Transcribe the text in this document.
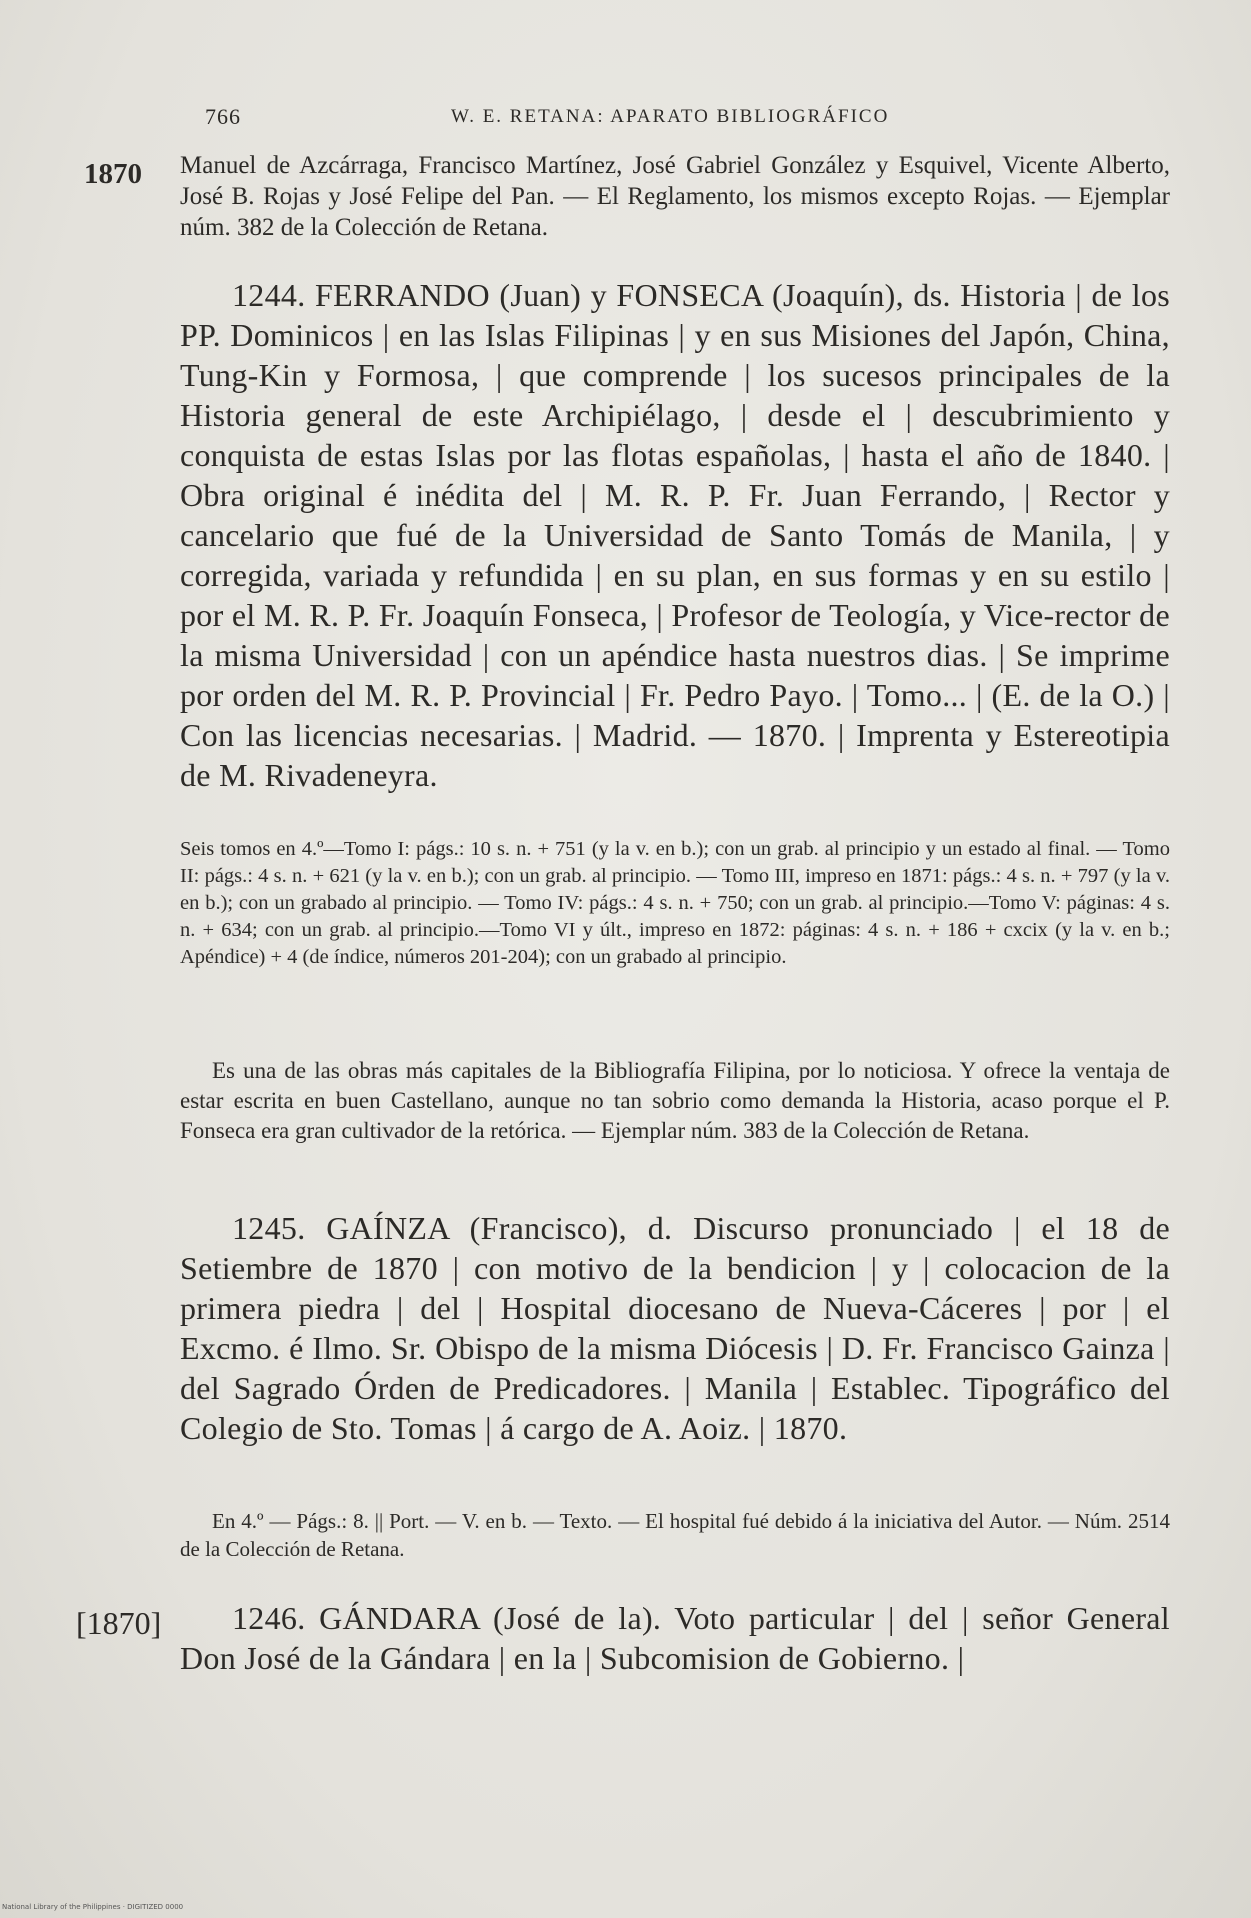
766	W. E. RETANA: APARATO BIBLIOGRÁFICO
1870 Manuel de Azcárraga, Francisco Martínez, José Gabriel González y Esquivel, Vicente Alberto, José B. Rojas y José Felipe del Pan. — El Reglamento, los mismos excepto Rojas. — Ejemplar núm. 382 de la Colección de Retana.
1244. FERRANDO (Juan) y FONSECA (Joaquín), ds. Historia | de los PP. Dominicos | en las Islas Filipinas | y en sus Misiones del Japón, China, Tung-Kin y Formosa, | que comprende | los sucesos principales de la Historia general de este Archipiélago, | desde el | descubrimiento y conquista de estas Islas por las flotas españolas, | hasta el año de 1840. | Obra original é inédita del | M. R. P. Fr. Juan Ferrando, | Rector y cancelario que fué de la Universidad de Santo Tomás de Manila, | y corregida, variada y refundida | en su plan, en sus formas y en su estilo | por el M. R. P. Fr. Joaquín Fonseca, | Profesor de Teología, y Vice-rector de la misma Universidad | con un apéndice hasta nuestros dias. | Se imprime por orden del M. R. P. Provincial | Fr. Pedro Payo. | Tomo... | (E. de la O.) | Con las licencias necesarias. | Madrid. — 1870. | Imprenta y Estereotipia de M. Rivadeneyra.
Seis tomos en 4.º—Tomo I: págs.: 10 s. n. + 751 (y la v. en b.); con un grab. al principio y un estado al final. — Tomo II: págs.: 4 s. n. + 621 (y la v. en b.); con un grab. al principio. — Tomo III, impreso en 1871: págs.: 4 s. n. + 797 (y la v. en b.); con un grabado al principio. — Tomo IV: págs.: 4 s. n. + 750; con un grab. al principio.—Tomo V: páginas: 4 s. n. + 634; con un grab. al principio.—Tomo VI y últ., impreso en 1872: páginas: 4 s. n. + 186 + cxcix (y la v. en b.; Apéndice) + 4 (de índice, números 201-204); con un grabado al principio.
Es una de las obras más capitales de la Bibliografía Filipina, por lo noticiosa. Y ofrece la ventaja de estar escrita en buen Castellano, aunque no tan sobrio como demanda la Historia, acaso porque el P. Fonseca era gran cultivador de la retórica. — Ejemplar núm. 383 de la Colección de Retana.
1245. GAÍNZA (Francisco), d. Discurso pronunciado | el 18 de Setiembre de 1870 | con motivo de la bendicion | y | colocacion de la primera piedra | del | Hospital diocesano de Nueva-Cáceres | por | el Excmo. é Ilmo. Sr. Obispo de la misma Diócesis | D. Fr. Francisco Gainza | del Sagrado Órden de Predicadores. | Manila | Establec. Tipográfico del Colegio de Sto. Tomas | á cargo de A. Aoiz. | 1870.
En 4.º — Págs.: 8. || Port. — V. en b. — Texto. — El hospital fué debido á la iniciativa del Autor. — Núm. 2514 de la Colección de Retana.
[1870]	1246. GÁNDARA (José de la). Voto particular | del | señor General Don José de la Gándara | en la | Subcomision de Gobierno. |
National Library of the Philippines · DIGITIZED 0000
